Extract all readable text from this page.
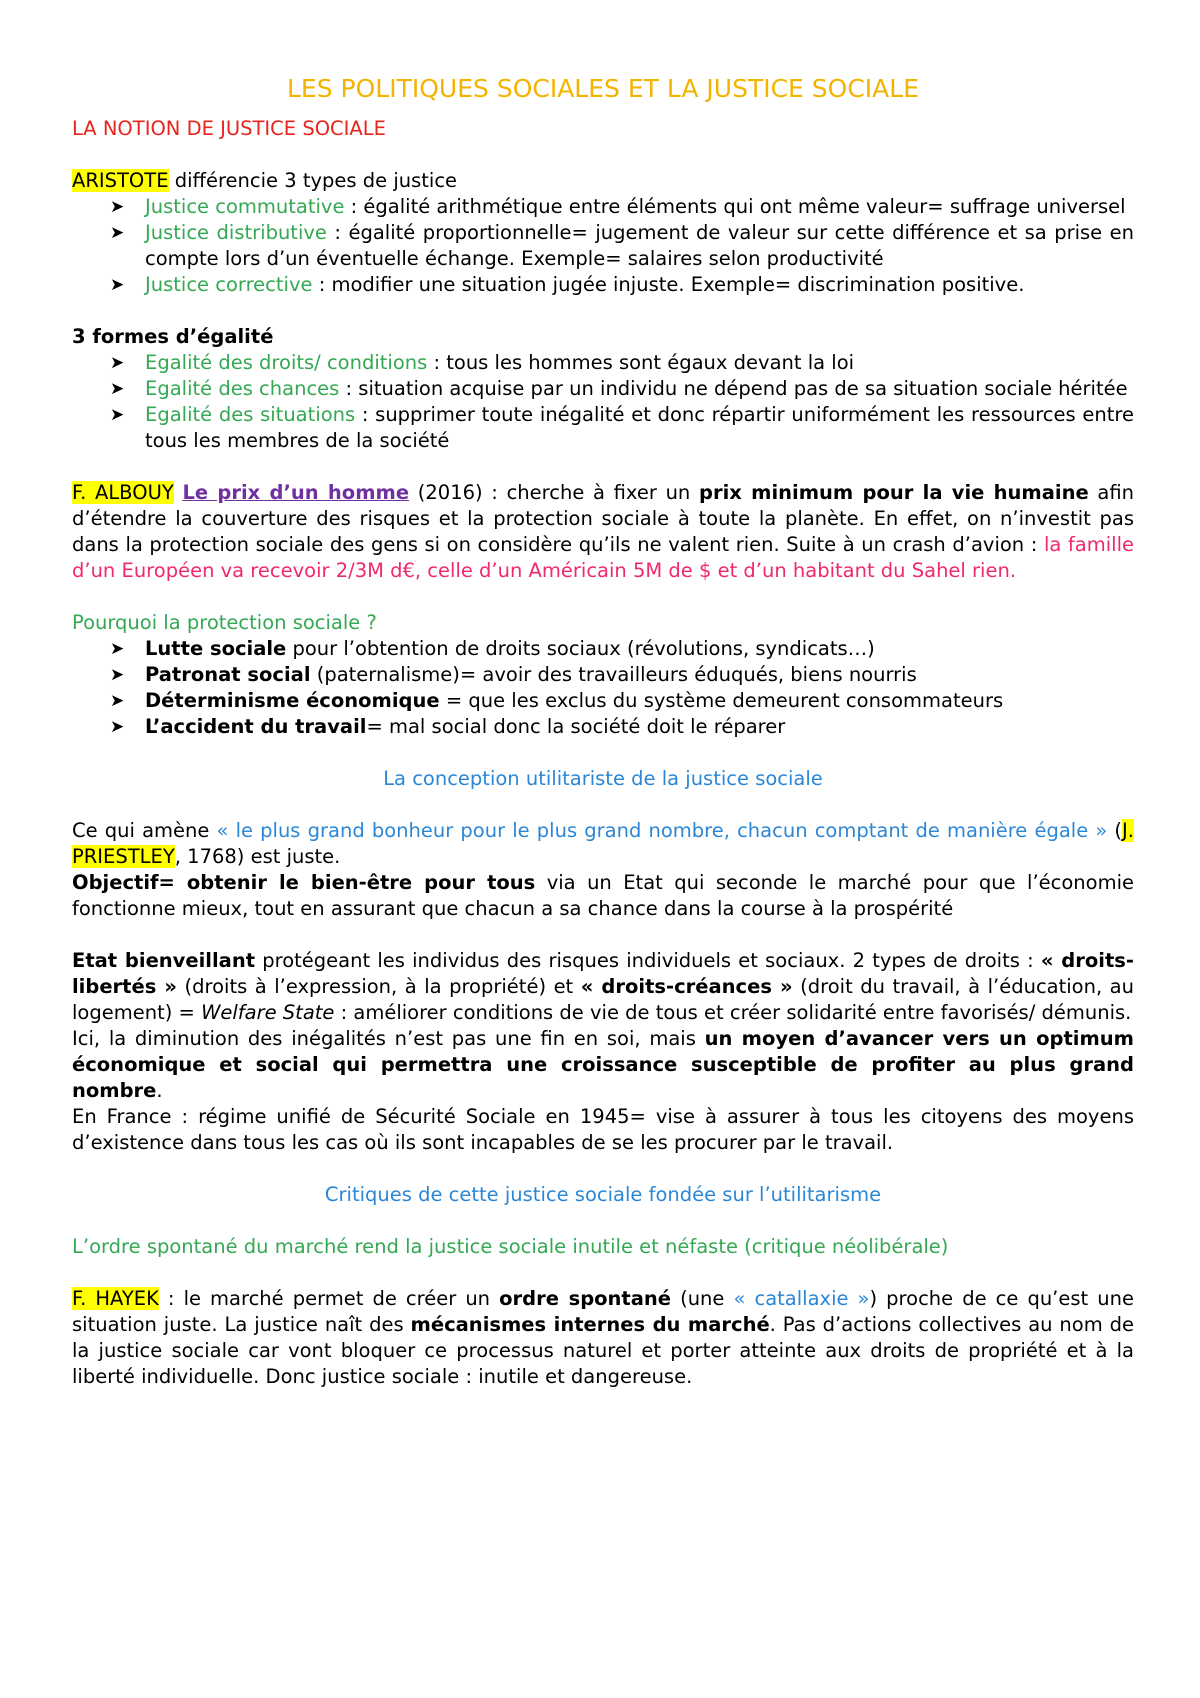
LES POLITIQUES SOCIALES ET LA JUSTICE SOCIALE

LA NOTION DE JUSTICE SOCIALE

ARISTOTE différencie 3 types de justice

➤ Justice commutative : égalité arithmétique entre éléments qui ont même valeur= suffrage universel
➤ Justice distributive : égalité proportionnelle= jugement de valeur sur cette différence et sa prise en compte lors d’un éventuelle échange. Exemple= salaires selon productivité
➤ Justice corrective : modifier une situation jugée injuste. Exemple= discrimination positive.

3 formes d’égalité

➤ Egalité des droits/ conditions : tous les hommes sont égaux devant la loi
➤ Egalité des chances : situation acquise par un individu ne dépend pas de sa situation sociale héritée
➤ Egalité des situations : supprimer toute inégalité et donc répartir uniformément les ressources entre tous les membres de la société

F. ALBOUY Le prix d’un homme (2016) : cherche à fixer un prix minimum pour la vie humaine afin d’étendre la couverture des risques et la protection sociale à toute la planète. En effet, on n’investit pas dans la protection sociale des gens si on considère qu’ils ne valent rien. Suite à un crash d’avion : la famille d’un Européen va recevoir 2/3M d€, celle d’un Américain 5M de $ et d’un habitant du Sahel rien.

Pourquoi la protection sociale ?

➤ Lutte sociale pour l’obtention de droits sociaux (révolutions, syndicats…)
➤ Patronat social (paternalisme)= avoir des travailleurs éduqués, biens nourris
➤ Déterminisme économique = que les exclus du système demeurent consommateurs
➤ L’accident du travail= mal social donc la société doit le réparer

La conception utilitariste de la justice sociale

Ce qui amène « le plus grand bonheur pour le plus grand nombre, chacun comptant de manière égale » (J. PRIESTLEY, 1768) est juste.

Objectif= obtenir le bien-être pour tous via un Etat qui seconde le marché pour que l’économie fonctionne mieux, tout en assurant que chacun a sa chance dans la course à la prospérité

Etat bienveillant protégeant les individus des risques individuels et sociaux. 2 types de droits : « droits-libertés » (droits à l’expression, à la propriété) et « droits-créances » (droit du travail, à l’éducation, au logement) = Welfare State : améliorer conditions de vie de tous et créer solidarité entre favorisés/ démunis.

Ici, la diminution des inégalités n’est pas une fin en soi, mais un moyen d’avancer vers un optimum économique et social qui permettra une croissance susceptible de profiter au plus grand nombre.

En France : régime unifié de Sécurité Sociale en 1945= vise à assurer à tous les citoyens des moyens d’existence dans tous les cas où ils sont incapables de se les procurer par le travail.

Critiques de cette justice sociale fondée sur l’utilitarisme

L’ordre spontané du marché rend la justice sociale inutile et néfaste (critique néolibérale)

F. HAYEK : le marché permet de créer un ordre spontané (une « catallaxie ») proche de ce qu’est une situation juste. La justice naît des mécanismes internes du marché. Pas d’actions collectives au nom de la justice sociale car vont bloquer ce processus naturel et porter atteinte aux droits de propriété et à la liberté individuelle. Donc justice sociale : inutile et dangereuse.
